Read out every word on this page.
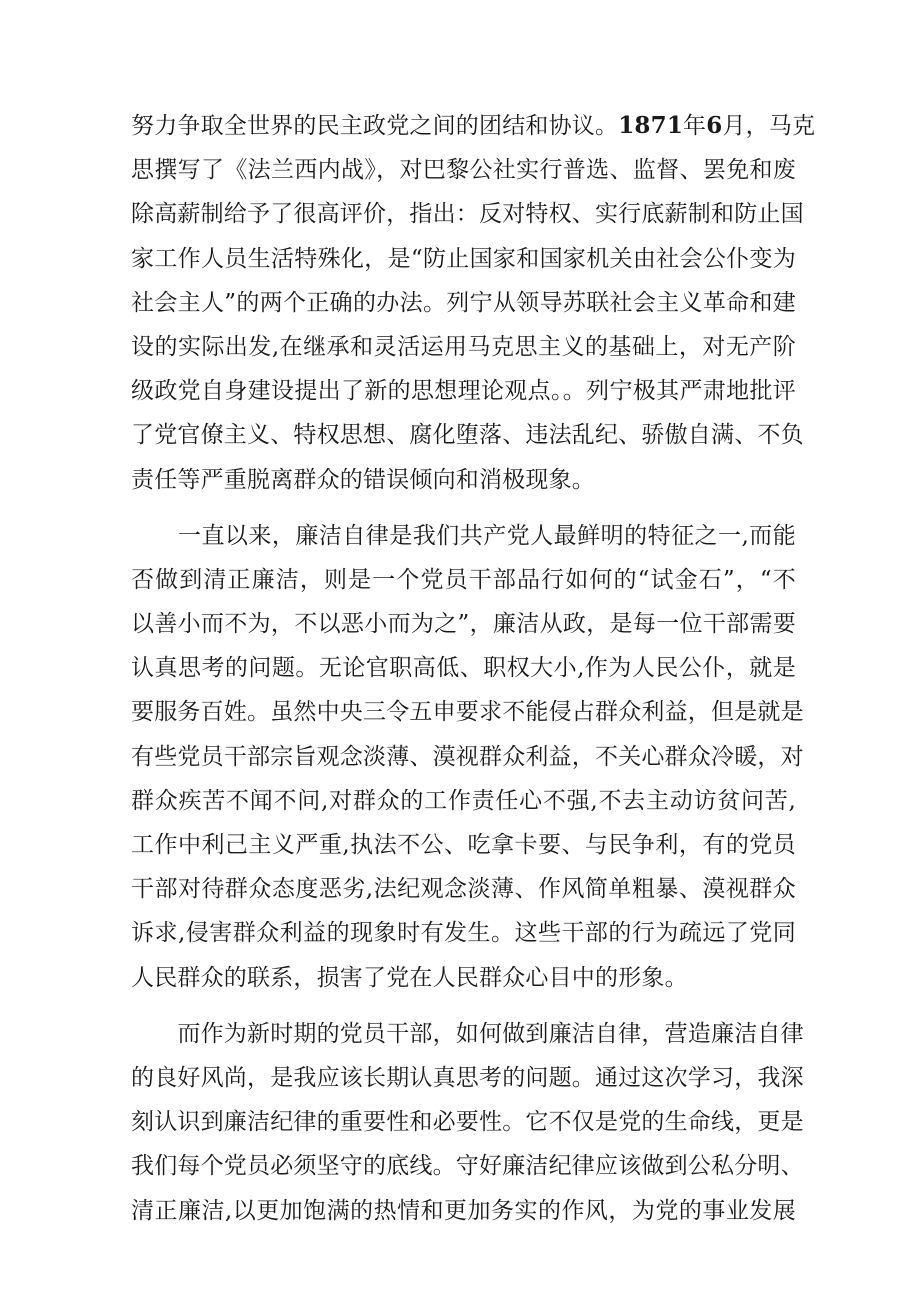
努力争取全世界的民主政党之间的团结和协议。1871年6月，马克
思撰写了《法兰西内战》，对巴黎公社实行普选、监督、罢免和废
除高薪制给予了很高评价，指出：反对特权、实行底薪制和防止国
家工作人员生活特殊化，是“防止国家和国家机关由社会公仆变为
社会主人”的两个正确的办法。列宁从领导苏联社会主义革命和建
设的实际出发,在继承和灵活运用马克思主义的基础上，对无产阶
级政党自身建设提出了新的思想理论观点。。列宁极其严肃地批评
了党官僚主义、特权思想、腐化堕落、违法乱纪、骄傲自满、不负
责任等严重脱离群众的错误倾向和消极现象。
　　一直以来，廉洁自律是我们共产党人最鲜明的特征之一,而能
否做到清正廉洁，则是一个党员干部品行如何的“试金石”，“不
以善小而不为，不以恶小而为之”，廉洁从政，是每一位干部需要
认真思考的问题。无论官职高低、职权大小,作为人民公仆，就是
要服务百姓。虽然中央三令五申要求不能侵占群众利益，但是就是
有些党员干部宗旨观念淡薄、漠视群众利益，不关心群众冷暖，对
群众疾苦不闻不问,对群众的工作责任心不强,不去主动访贫问苦,
工作中利己主义严重,执法不公、吃拿卡要、与民争利，有的党员
干部对待群众态度恶劣,法纪观念淡薄、作风简单粗暴、漠视群众
诉求,侵害群众利益的现象时有发生。这些干部的行为疏远了党同
人民群众的联系，损害了党在人民群众心目中的形象。
　　而作为新时期的党员干部，如何做到廉洁自律，营造廉洁自律
的良好风尚，是我应该长期认真思考的问题。通过这次学习，我深
刻认识到廉洁纪律的重要性和必要性。它不仅是党的生命线，更是
我们每个党员必须坚守的底线。守好廉洁纪律应该做到公私分明、
清正廉洁,以更加饱满的热情和更加务实的作风，为党的事业发展
